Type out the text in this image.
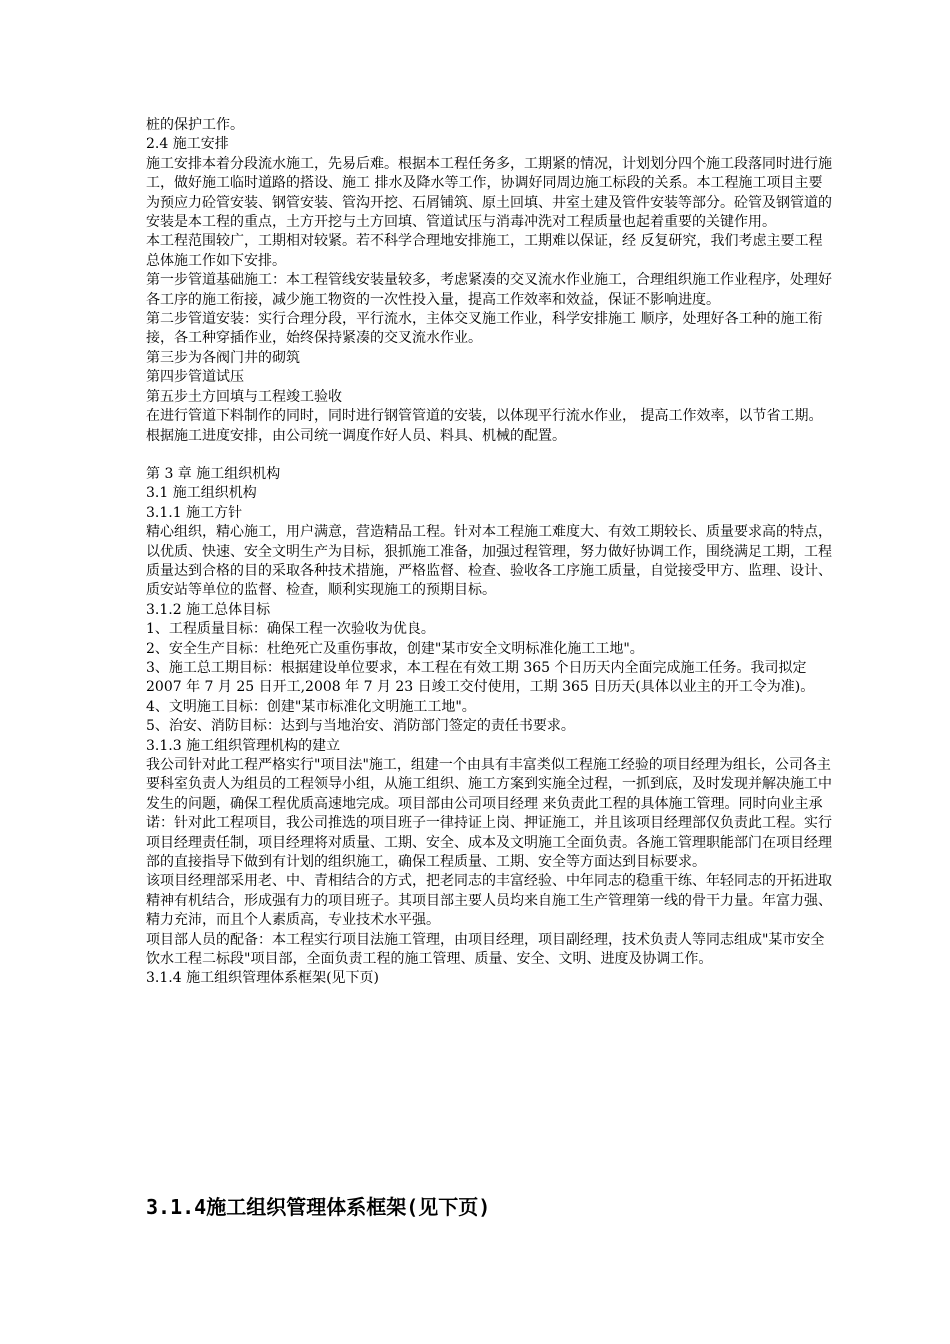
桩的保护工作。

2.4 施工安排

施工安排本着分段流水施工，先易后难。根据本工程任务多，工期紧的情况，计划划分四个施工段落同时进行施工，做好施工临时道路的搭设、施工 排水及降水等工作，协调好同周边施工标段的关系。本工程施工项目主要为预应力砼管安装、钢管安装、管沟开挖、石屑铺筑、原土回填、井室土建及管件安装等部分。砼管及钢管道的安装是本工程的重点，土方开挖与土方回填、管道试压与消毒冲洗对工程质量也起着重要的关键作用。

本工程范围较广，工期相对较紧。若不科学合理地安排施工，工期难以保证，经 反复研究，我们考虑主要工程总体施工作如下安排。

第一步管道基础施工：本工程管线安装量较多，考虑紧凑的交叉流水作业施工，合理组织施工作业程序，处理好各工序的施工衔接，减少施工物资的一次性投入量，提高工作效率和效益，保证不影响进度。

第二步管道安装：实行合理分段，平行流水，主体交叉施工作业，科学安排施工 顺序，处理好各工种的施工衔接，各工种穿插作业，始终保持紧凑的交叉流水作业。

第三步为各阀门井的砌筑

第四步管道试压

第五步土方回填与工程竣工验收

在进行管道下料制作的同时，同时进行钢管管道的安装，以体现平行流水作业， 提高工作效率，以节省工期。

根据施工进度安排，由公司统一调度作好人员、料具、机械的配置。

第 3 章 施工组织机构

3.1 施工组织机构

3.1.1 施工方针

精心组织，精心施工，用户满意，营造精品工程。针对本工程施工难度大、有效工期较长、质量要求高的特点，以优质、快速、安全文明生产为目标，狠抓施工准备，加强过程管理，努力做好协调工作，围绕满足工期，工程质量达到合格的目的采取各种技术措施，严格监督、检查、验收各工序施工质量，自觉接受甲方、监理、设计、质安站等单位的监督、检查，顺利实现施工的预期目标。

3.1.2 施工总体目标

1、工程质量目标：确保工程一次验收为优良。

2、安全生产目标：杜绝死亡及重伤事故，创建"某市安全文明标准化施工工地"。

3、施工总工期目标：根据建设单位要求，本工程在有效工期 365 个日历天内全面完成施工任务。我司拟定 2007 年 7 月 25 日开工,2008 年 7 月 23 日竣工交付使用，工期 365 日历天(具体以业主的开工令为准)。

4、文明施工目标：创建"某市标准化文明施工工地"。

5、治安、消防目标：达到与当地治安、消防部门签定的责任书要求。

3.1.3 施工组织管理机构的建立

我公司针对此工程严格实行"项目法"施工，组建一个由具有丰富类似工程施工经验的项目经理为组长，公司各主要科室负责人为组员的工程领导小组，从施工组织、施工方案到实施全过程，一抓到底，及时发现并解决施工中发生的问题，确保工程优质高速地完成。项目部由公司项目经理 来负责此工程的具体施工管理。同时向业主承诺：针对此工程项目，我公司推选的项目班子一律持证上岗、押证施工，并且该项目经理部仅负责此工程。实行项目经理责任制，项目经理将对质量、工期、安全、成本及文明施工全面负责。各施工管理职能部门在项目经理部的直接指导下做到有计划的组织施工，确保工程质量、工期、安全等方面达到目标要求。

该项目经理部采用老、中、青相结合的方式，把老同志的丰富经验、中年同志的稳重干练、年轻同志的开拓进取精神有机结合，形成强有力的项目班子。其项目部主要人员均来自施工生产管理第一线的骨干力量。年富力强、精力充沛，而且个人素质高，专业技术水平强。

项目部人员的配备：本工程实行项目法施工管理，由项目经理，项目副经理，技术负责人等同志组成"某市安全饮水工程二标段"项目部，全面负责工程的施工管理、质量、安全、文明、进度及协调工作。

3.1.4 施工组织管理体系框架(见下页)

3.1.4施工组织管理体系框架(见下页)
